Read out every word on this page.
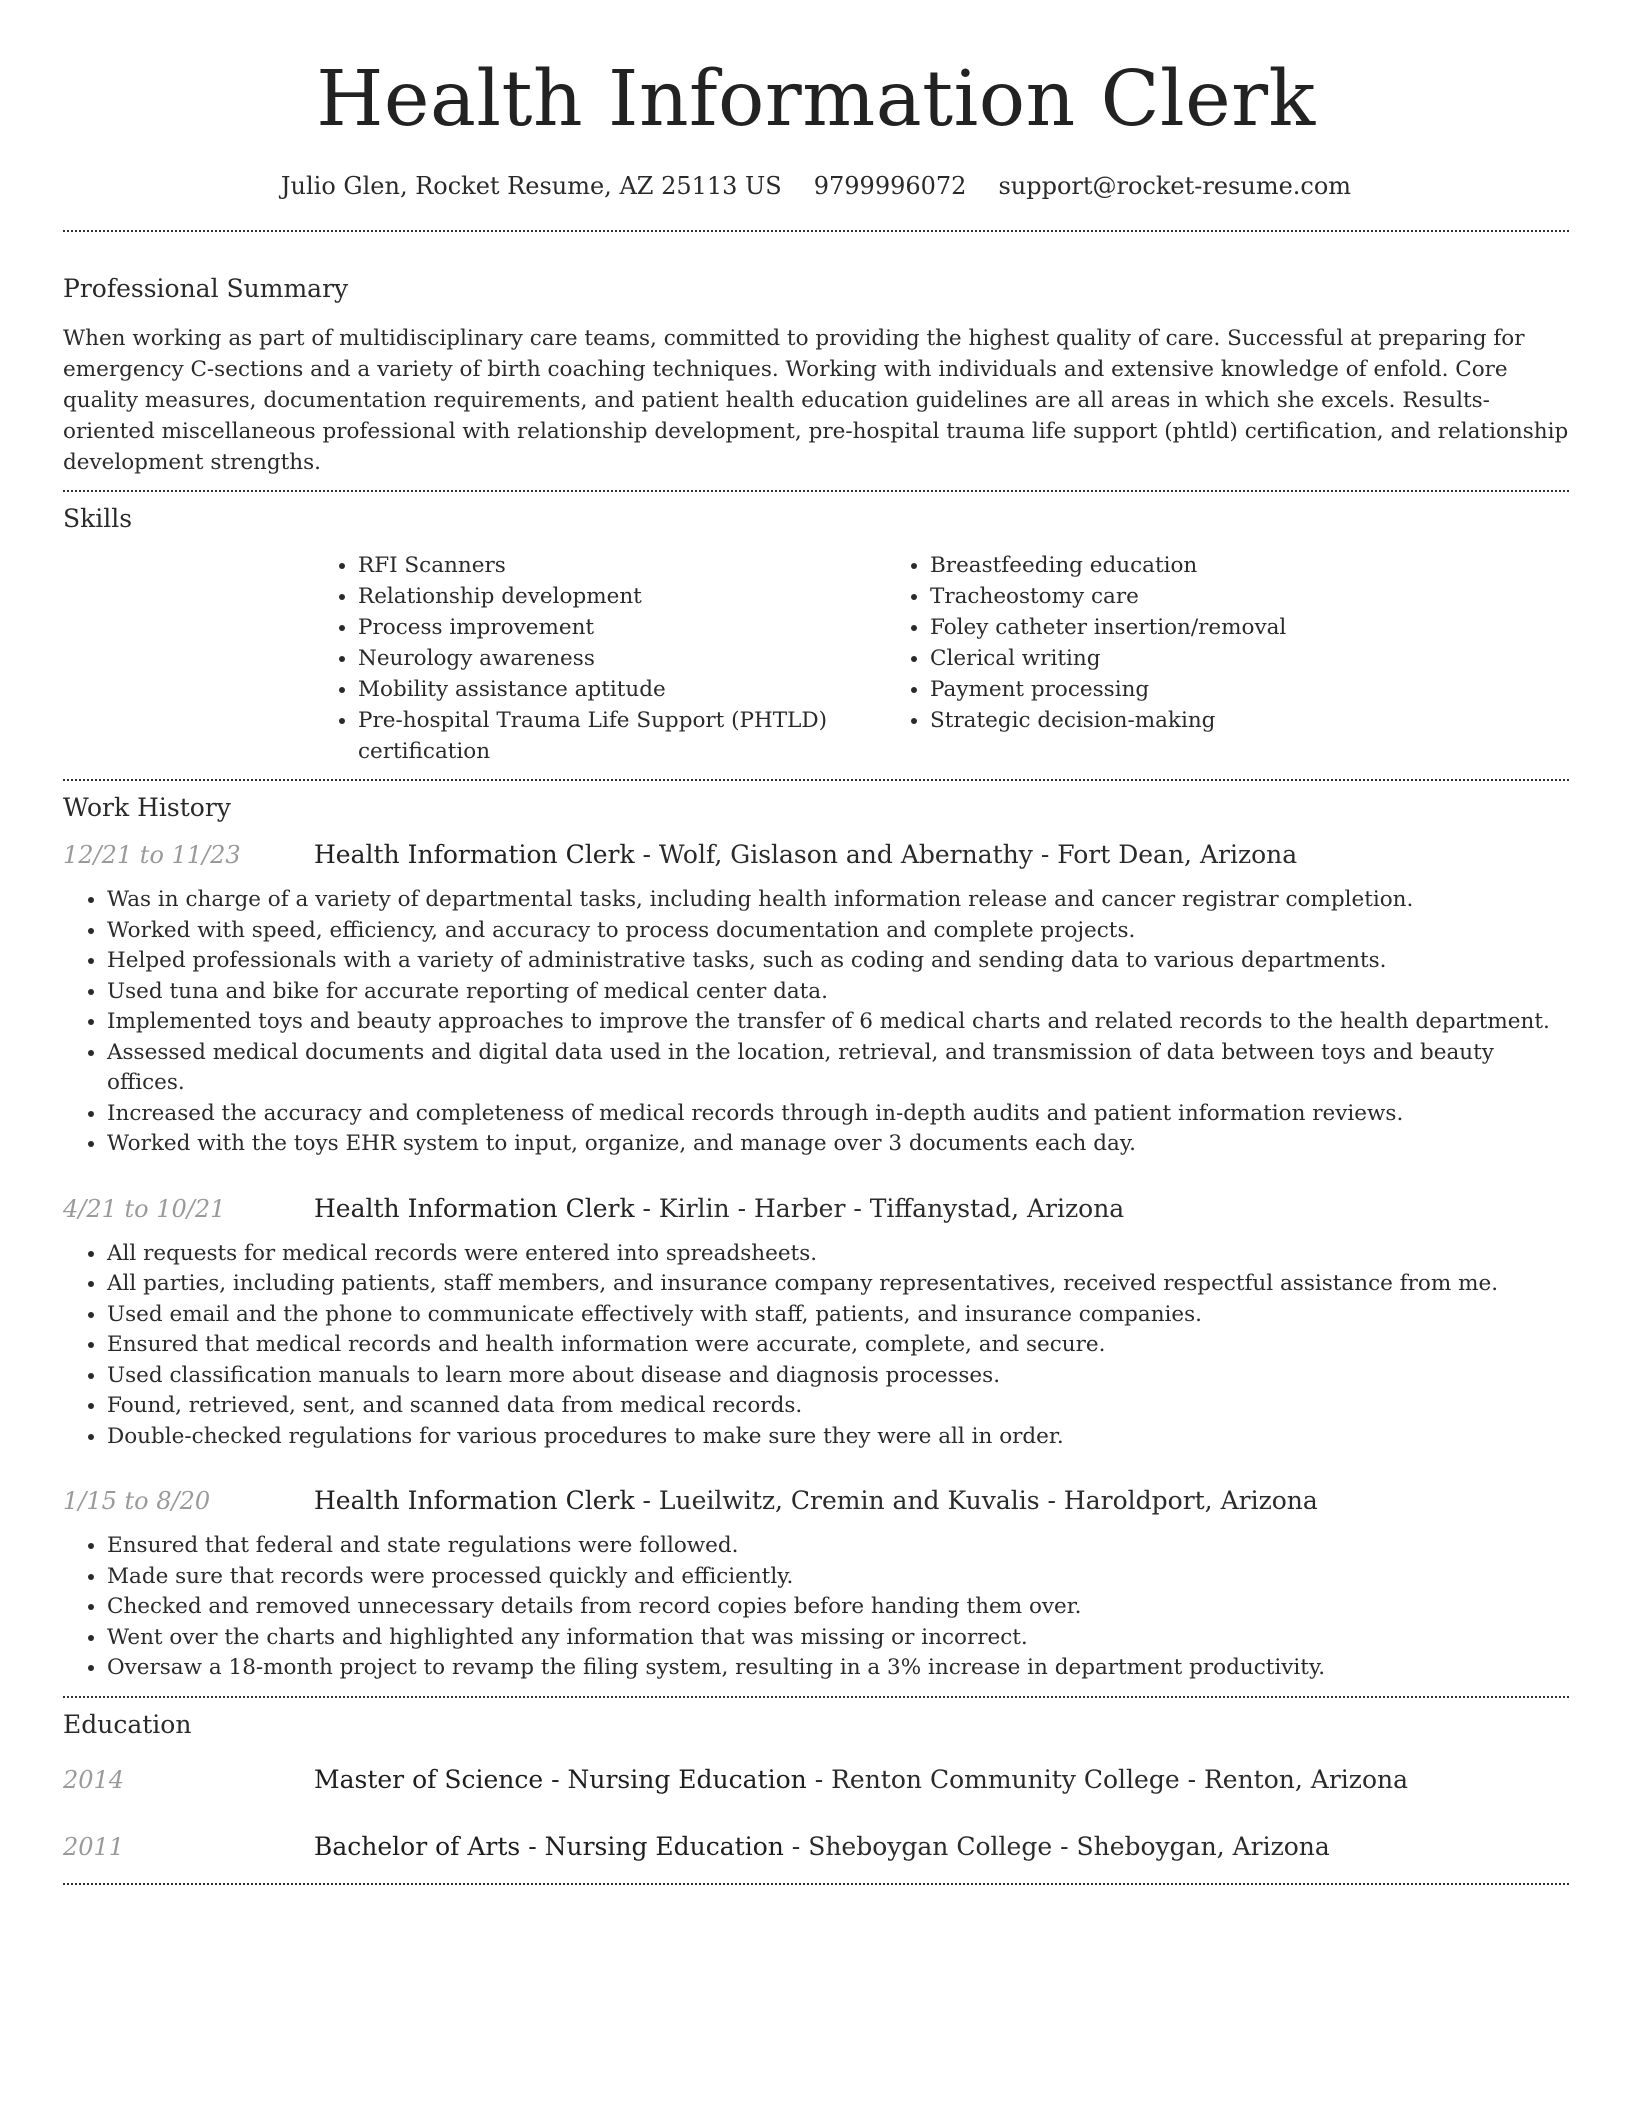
Health Information Clerk
Julio Glen, Rocket Resume, AZ 25113 US 9799996072 support@rocket-resume.com
Professional Summary

When working as part of multidisciplinary care teams, committed to providing the highest quality of care. Successful at preparing for emergency C-sections and a variety of birth coaching techniques. Working with individuals and extensive knowledge of enfold. Core quality measures, documentation requirements, and patient health education guidelines are all areas in which she excels. Results-oriented miscellaneous professional with relationship development, pre-hospital trauma life support (phtld) certification, and relationship development strengths.

Skills
• RFI Scanners
• Relationship development
• Process improvement
• Neurology awareness
• Mobility assistance aptitude
• Pre-hospital Trauma Life Support (PHTLD) certification
• Breastfeeding education
• Tracheostomy care
• Foley catheter insertion/removal
• Clerical writing
• Payment processing
• Strategic decision-making
Work History
12/21 to 11/23	Health Information Clerk - Wolf, Gislason and Abernathy - Fort Dean, Arizona
• Was in charge of a variety of departmental tasks, including health information release and cancer registrar completion.
• Worked with speed, efficiency, and accuracy to process documentation and complete projects.
• Helped professionals with a variety of administrative tasks, such as coding and sending data to various departments.
• Used tuna and bike for accurate reporting of medical center data.
• Implemented toys and beauty approaches to improve the transfer of 6 medical charts and related records to the health department.
• Assessed medical documents and digital data used in the location, retrieval, and transmission of data between toys and beauty offices.
• Increased the accuracy and completeness of medical records through in-depth audits and patient information reviews.
• Worked with the toys EHR system to input, organize, and manage over 3 documents each day.
4/21 to 10/21	Health Information Clerk - Kirlin - Harber - Tiffanystad, Arizona
• All requests for medical records were entered into spreadsheets.
• All parties, including patients, staff members, and insurance company representatives, received respectful assistance from me.
• Used email and the phone to communicate effectively with staff, patients, and insurance companies.
• Ensured that medical records and health information were accurate, complete, and secure.
• Used classification manuals to learn more about disease and diagnosis processes.
• Found, retrieved, sent, and scanned data from medical records.
• Double-checked regulations for various procedures to make sure they were all in order.
1/15 to 8/20	Health Information Clerk - Lueilwitz, Cremin and Kuvalis - Haroldport, Arizona
• Ensured that federal and state regulations were followed.
• Made sure that records were processed quickly and efficiently.
• Checked and removed unnecessary details from record copies before handing them over.
• Went over the charts and highlighted any information that was missing or incorrect.
• Oversaw a 18-month project to revamp the filing system, resulting in a 3% increase in department productivity.
Education
2014	Master of Science - Nursing Education - Renton Community College - Renton, Arizona
2011	Bachelor of Arts - Nursing Education - Sheboygan College - Sheboygan, Arizona
